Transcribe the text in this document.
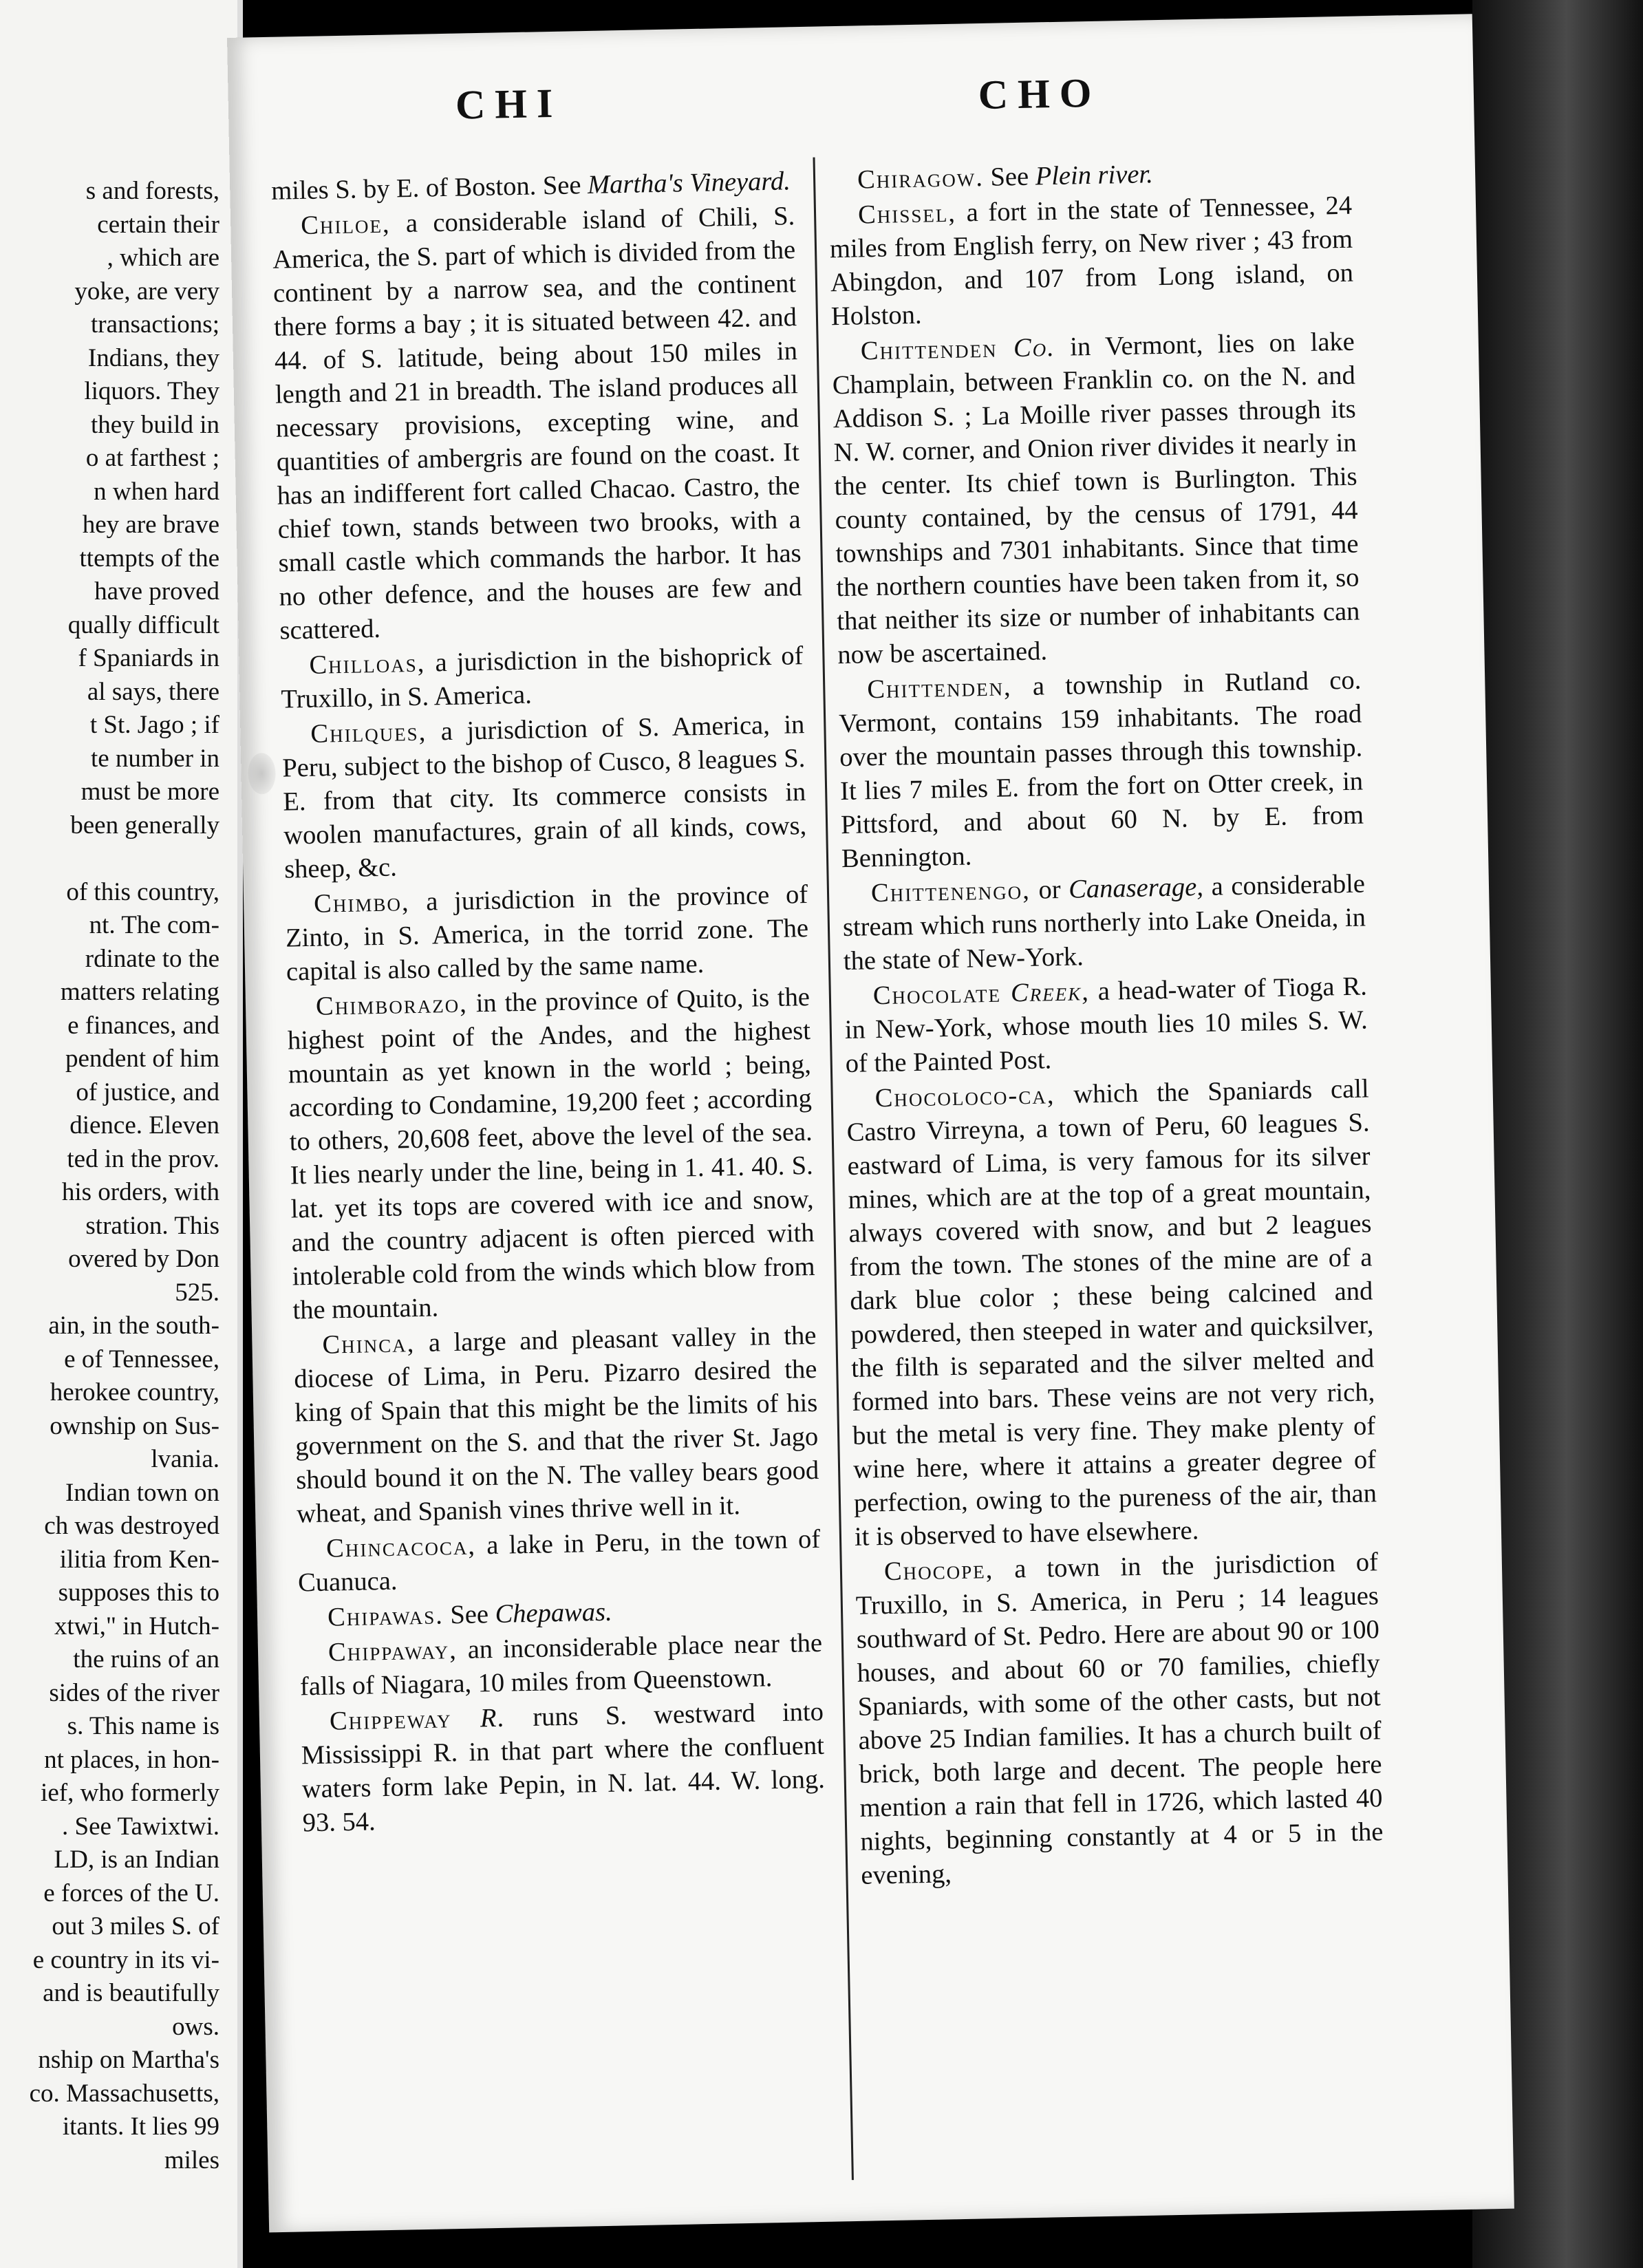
s and forests,
certain their
, which are
yoke, are very
transactions;
Indians, they
liquors. They
they build in
o at farthest ;
n when hard
hey are brave
ttempts of the
have proved
qually difficult
f Spaniards in
al says, there
t St. Jago ; if
te number in
must be more
been generally
of this country,
nt. The com-
rdinate to the
matters relating
e finances, and
pendent of him
of justice, and
dience. Eleven
ted in the prov.
his orders, with
stration. This
overed by Don
525.
ain, in the south-
e of Tennessee,
herokee country,
ownship on Sus-
lvania.
Indian town on
ch was destroyed
ilitia from Ken-
supposes this to
xtwi," in Hutch-
the ruins of an
sides of the river
s. This name is
nt places, in hon-
ief, who formerly
. See Tawixtwi.
LD, is an Indian
e forces of the U.
out 3 miles S. of
e country in its vi-
and is beautifully
ows.
nship on Martha's
co. Massachusetts,
itants. It lies 99
miles
CHI	CHO

miles S. by E. of Boston. See Martha's Vineyard.

Chiloe, a considerable island of Chili, S. America, the S. part of which is divided from the continent by a narrow sea, and the continent there forms a bay ; it is situated between 42. and 44. of S. latitude, being about 150 miles in length and 21 in breadth. The island produces all necessary provisions, excepting wine, and quantities of ambergris are found on the coast. It has an indifferent fort called Chacao. Castro, the chief town, stands between two brooks, with a small castle which commands the harbor. It has no other defence, and the houses are few and scattered.

Chilloas, a jurisdiction in the bishoprick of Truxillo, in S. America.

Chilques, a jurisdiction of S. America, in Peru, subject to the bishop of Cusco, 8 leagues S. E. from that city. Its commerce consists in woolen manufactures, grain of all kinds, cows, sheep, &c.

Chimbo, a jurisdiction in the province of Zinto, in S. America, in the torrid zone. The capital is also called by the same name.

Chimborazo, in the province of Quito, is the highest point of the Andes, and the highest mountain as yet known in the world ; being, according to Condamine, 19,200 feet ; according to others, 20,608 feet, above the level of the sea. It lies nearly under the line, being in 1. 41. 40. S. lat. yet its tops are covered with ice and snow, and the country adjacent is often pierced with intolerable cold from the winds which blow from the mountain.

Chinca, a large and pleasant valley in the diocese of Lima, in Peru. Pizarro desired the king of Spain that this might be the limits of his government on the S. and that the river St. Jago should bound it on the N. The valley bears good wheat, and Spanish vines thrive well in it.

Chincacoca, a lake in Peru, in the town of Cuanuca.

Chipawas. See Chepawas.

Chippaway, an inconsiderable place near the falls of Niagara, 10 miles from Queenstown.

Chippeway R. runs S. westward into Mississippi R. in that part where the confluent waters form lake Pepin, in N. lat. 44. W. long. 93. 54.

Chiragow. See Plein river.

Chissel, a fort in the state of Tennessee, 24 miles from English ferry, on New river ; 43 from Abingdon, and 107 from Long island, on Holston.

Chittenden Co. in Vermont, lies on lake Champlain, between Franklin co. on the N. and Addison S. ; La Moille river passes through its N. W. corner, and Onion river divides it nearly in the center. Its chief town is Burlington. This county contained, by the census of 1791, 44 townships and 7301 inhabitants. Since that time the northern counties have been taken from it, so that neither its size or number of inhabitants can now be ascertained.

Chittenden, a township in Rutland co. Vermont, contains 159 inhabitants. The road over the mountain passes through this township. It lies 7 miles E. from the fort on Otter creek, in Pittsford, and about 60 N. by E. from Bennington.

Chittenengo, or Canaserage, a considerable stream which runs northerly into Lake Oneida, in the state of New-York.

Chocolate Creek, a head-water of Tioga R. in New-York, whose mouth lies 10 miles S. W. of the Painted Post.

Chocoloco-ca, which the Spaniards call Castro Virreyna, a town of Peru, 60 leagues S. eastward of Lima, is very famous for its silver mines, which are at the top of a great mountain, always covered with snow, and but 2 leagues from the town. The stones of the mine are of a dark blue color ; these being calcined and powdered, then steeped in water and quicksilver, the filth is separated and the silver melted and formed into bars. These veins are not very rich, but the metal is very fine. They make plenty of wine here, where it attains a greater degree of perfection, owing to the pureness of the air, than it is observed to have elsewhere.

Chocope, a town in the jurisdiction of Truxillo, in S. America, in Peru ; 14 leagues southward of St. Pedro. Here are about 90 or 100 houses, and about 60 or 70 families, chiefly Spaniards, with some of the other casts, but not above 25 Indian families. It has a church built of brick, both large and decent. The people here mention a rain that fell in 1726, which lasted 40 nights, beginning constantly at 4 or 5 in the evening,
